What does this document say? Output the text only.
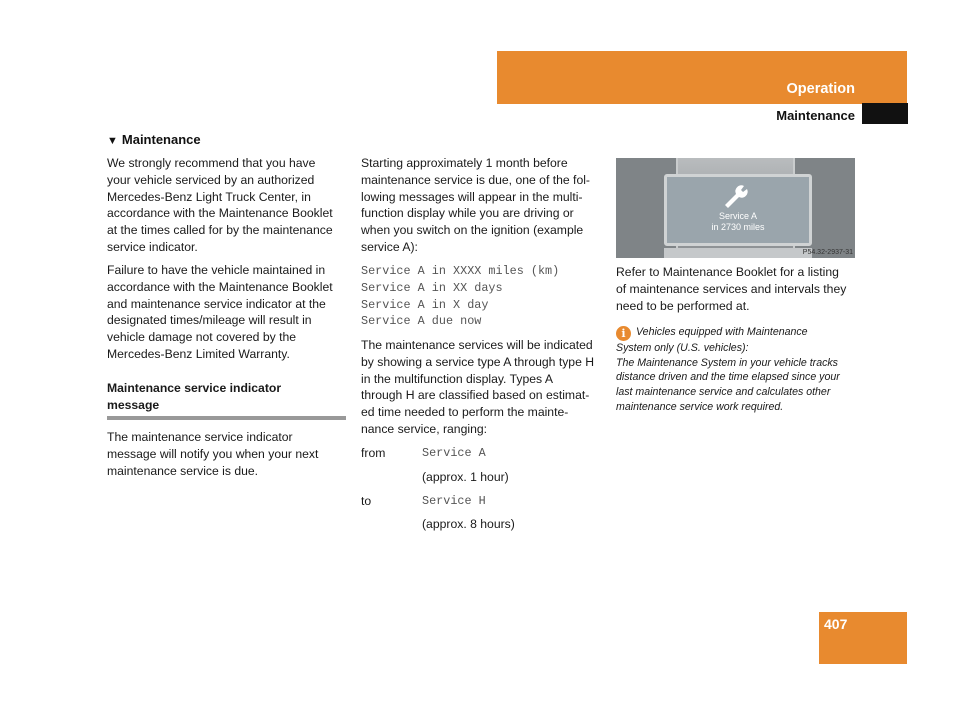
Operation
Maintenance
▼ Maintenance

We strongly recommend that you have
your vehicle serviced by an authorized
Mercedes-Benz Light Truck Center, in
accordance with the Maintenance Booklet
at the times called for by the maintenance
service indicator.

Failure to have the vehicle maintained in
accordance with the Maintenance Booklet
and maintenance service indicator at the
designated times/mileage will result in
vehicle damage not covered by the
Mercedes-Benz Limited Warranty.

Maintenance service indicator
message

The maintenance service indicator
message will notify you when your next
maintenance service is due.

Starting approximately 1 month before
maintenance service is due, one of the fol-
lowing messages will appear in the multi-
function display while you are driving or
when you switch on the ignition (example
service A):

Service A in XXXX miles (km)
Service A in XX days
Service A in X day
Service A due now

The maintenance services will be indicated
by showing a service type A through type H
in the multifunction display. Types A
through H are classified based on estimat-
ed time needed to perform the mainte-
nance service, ranging:

from	Service A
(approx. 1 hour)
to	Service H
(approx. 8 hours)
Service A
in 2730 miles
P54.32-2937-31

Refer to Maintenance Booklet for a listing
of maintenance services and intervals they
need to be performed at.

i Vehicles equipped with Maintenance
System only (U.S. vehicles):
The Maintenance System in your vehicle tracks
distance driven and the time elapsed since your
last maintenance service and calculates other
maintenance service work required.
407
